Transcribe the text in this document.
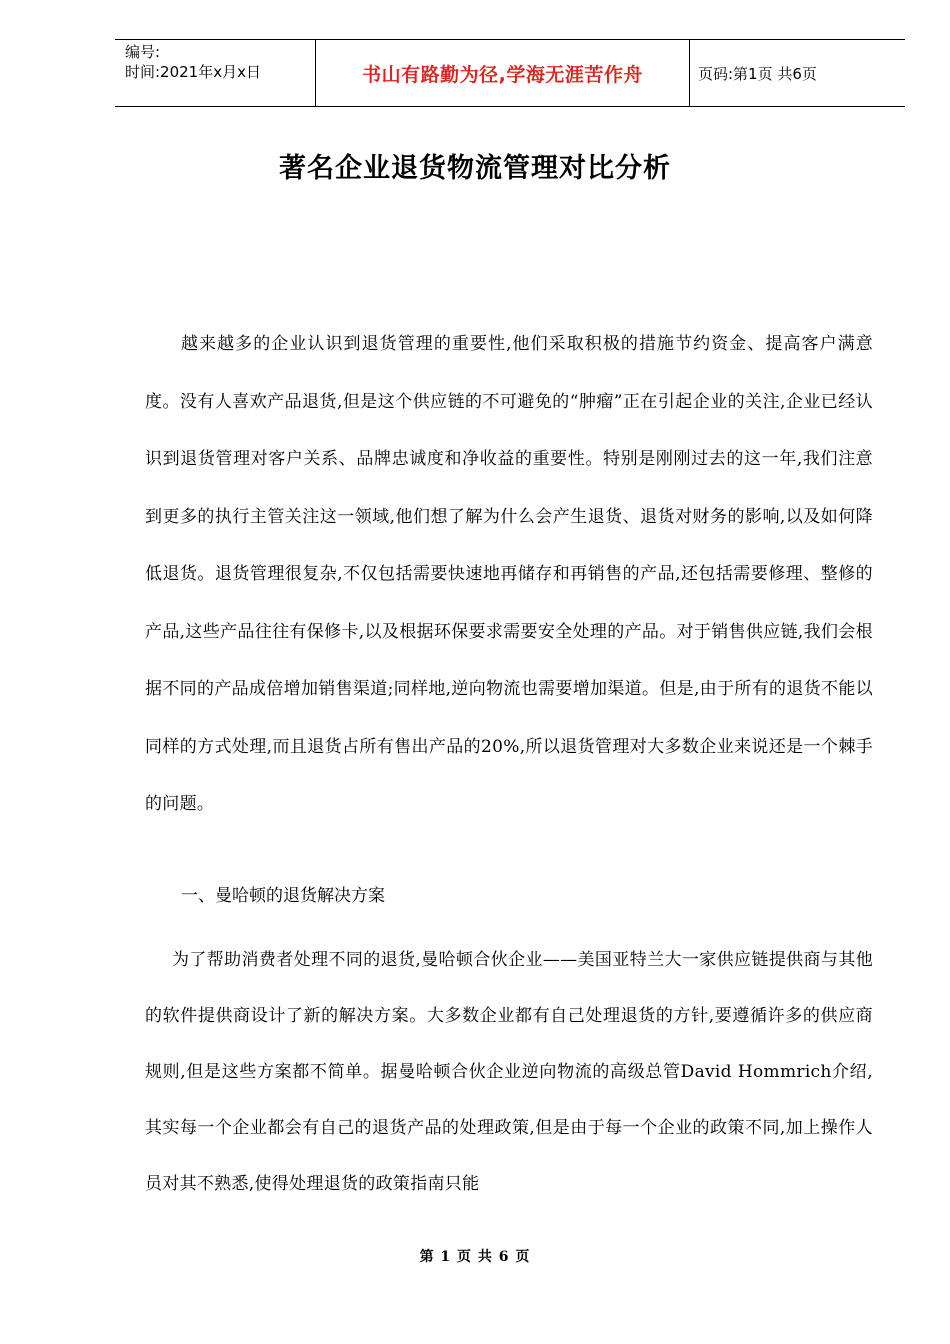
编号:
时间:2021年x月x日	书山有路勤为径,学海无涯苦作舟	页码:第1页 共6页
著名企业退货物流管理对比分析
越来越多的企业认识到退货管理的重要性,他们采取积极的措施节约资金、提高客户满意度。没有人喜欢产品退货,但是这个供应链的不可避免的“肿瘤”正在引起企业的关注,企业已经认识到退货管理对客户关系、品牌忠诚度和净收益的重要性。特别是刚刚过去的这一年,我们注意到更多的执行主管关注这一领域,他们想了解为什么会产生退货、退货对财务的影响,以及如何降低退货。退货管理很复杂,不仅包括需要快速地再储存和再销售的产品,还包括需要修理、整修的产品,这些产品往往有保修卡,以及根据环保要求需要安全处理的产品。对于销售供应链,我们会根据不同的产品成倍增加销售渠道;同样地,逆向物流也需要增加渠道。但是,由于所有的退货不能以同样的方式处理,而且退货占所有售出产品的20%,所以退货管理对大多数企业来说还是一个棘手的问题。
一、曼哈顿的退货解决方案
为了帮助消费者处理不同的退货,曼哈顿合伙企业——美国亚特兰大一家供应链提供商与其他的软件提供商设计了新的解决方案。大多数企业都有自己处理退货的方针,要遵循许多的供应商规则,但是这些方案都不简单。据曼哈顿合伙企业逆向物流的高级总管David Hommrich介绍,其实每一个企业都会有自己的退货产品的处理政策,但是由于每一个企业的政策不同,加上操作人员对其不熟悉,使得处理退货的政策指南只能
第 1 页 共 6 页
